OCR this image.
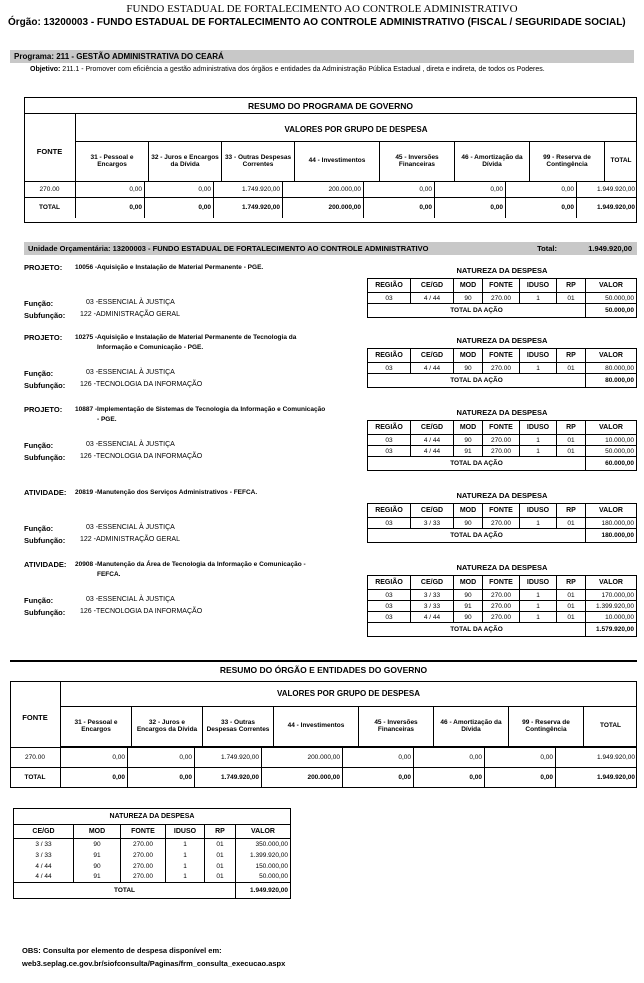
FUNDO ESTADUAL DE FORTALECIMENTO AO CONTROLE ADMINISTRATIVO
Órgão: 13200003 - FUNDO ESTADUAL DE FORTALECIMENTO AO CONTROLE ADMINISTRATIVO (FISCAL / SEGURIDADE SOCIAL)
Programa: 211 - GESTÃO ADMINISTRATIVA DO CEARÁ
Objetivo: 211.1 - Promover com eficiência a gestão administrativa dos órgãos e entidades da Administração Pública Estadual , direta e indireta, de todos os Poderes.
RESUMO DO PROGRAMA DE GOVERNO
VALORES POR GRUPO DE DESPESA
FONTE
31 - Pessoal e Encargos	32 - Juros e Encargos da Dívida	33 - Outras Despesas Correntes	44 - Investimentos	45 - Inversões Financeiras	46 - Amortização da Dívida	99 - Reserva de Contingência	TOTAL
270.00	0,00	0,00	1.749.920,00	200.000,00	0,00	0,00	0,00	1.949.920,00
TOTAL	0,00	0,00	1.749.920,00	200.000,00	0,00	0,00	0,00	1.949.920,00
Unidade Orçamentária: 13200003 - FUNDO ESTADUAL DE FORTALECIMENTO AO CONTROLE ADMINISTRATIVO	Total:	1.949.920,00
PROJETO: 10056 -Aquisição e Instalação de Material Permanente - PGE.	NATUREZA DA DESPESA
Função:	03 -ESSENCIAL À JUSTIÇA
Subfunção: 122 -ADMINISTRAÇÃO GERAL
REGIÃO	CE/GD	MOD	FONTE	IDUSO	RP	VALOR
03	4 / 44	90	270.00	1	01	50.000,00
TOTAL DA AÇÃO						50.000,00
PROJETO: 10275 -Aquisição e Instalação de Material Permanente de Tecnologia da
Informação e Comunicação - PGE.
NATUREZA DA DESPESA
Função:	03 -ESSENCIAL À JUSTIÇA
Subfunção: 126 -TECNOLOGIA DA INFORMAÇÃO
REGIÃO	CE/GD	MOD	FONTE	IDUSO	RP	VALOR
03	4 / 44	90	270.00	1	01	80.000,00
TOTAL DA AÇÃO						80.000,00
PROJETO: 10887 -Implementação de Sistemas de Tecnologia da Informação e Comunicação
- PGE.
NATUREZA DA DESPESA
Função:	03 -ESSENCIAL À JUSTIÇA
Subfunção: 126 -TECNOLOGIA DA INFORMAÇÃO
REGIÃO	CE/GD	MOD	FONTE	IDUSO	RP	VALOR
03	4 / 44	90	270.00	1	01	10.000,00
03	4 / 44	91	270.00	1	01	50.000,00
TOTAL DA AÇÃO						60.000,00
ATIVIDADE: 20819 -Manutenção dos Serviços Administrativos - FEFCA.	NATUREZA DA DESPESA
Função:	03 -ESSENCIAL À JUSTIÇA
Subfunção: 122 -ADMINISTRAÇÃO GERAL
REGIÃO	CE/GD	MOD	FONTE	IDUSO	RP	VALOR
03	3 / 33	90	270.00	1	01	180.000,00
TOTAL DA AÇÃO						180.000,00
ATIVIDADE: 20908 -Manutenção da Área de Tecnologia da Informação e Comunicação -
FEFCA.
NATUREZA DA DESPESA
Função:	03 -ESSENCIAL À JUSTIÇA
Subfunção: 126 -TECNOLOGIA DA INFORMAÇÃO
REGIÃO	CE/GD	MOD	FONTE	IDUSO	RP	VALOR
03	3 / 33	90	270.00	1	01	170.000,00
03	3 / 33	91	270.00	1	01	1.399.920,00
03	4 / 44	90	270.00	1	01	10.000,00
TOTAL DA AÇÃO						1.579.920,00
RESUMO DO ÓRGÃO E ENTIDADES DO GOVERNO
VALORES POR GRUPO DE DESPESA
FONTE
31 - Pessoal e Encargos	32 - Juros e Encargos da Dívida	33 - Outras Despesas Correntes	44 - Investimentos	45 - Inversões Financeiras	46 - Amortização da Dívida	99 - Reserva de Contingência	TOTAL
270.00	0,00	0,00	1.749.920,00	200.000,00	0,00	0,00	0,00	1.949.920,00
TOTAL	0,00	0,00	1.749.920,00	200.000,00	0,00	0,00	0,00	1.949.920,00
NATUREZA DA DESPESA					
CE/GD	MOD	FONTE	IDUSO	RP	VALOR
3 / 33	90	270.00	1	01	350.000,00
3 / 33	91	270.00	1	01	1.399.920,00
4 / 44	90	270.00	1	01	150.000,00
4 / 44	91	270.00	1	01	50.000,00
TOTAL					1.949.920,00
OBS: Consulta por elemento de despesa disponível em:
web3.seplag.ce.gov.br/siofconsulta/Paginas/frm_consulta_execucao.aspx
